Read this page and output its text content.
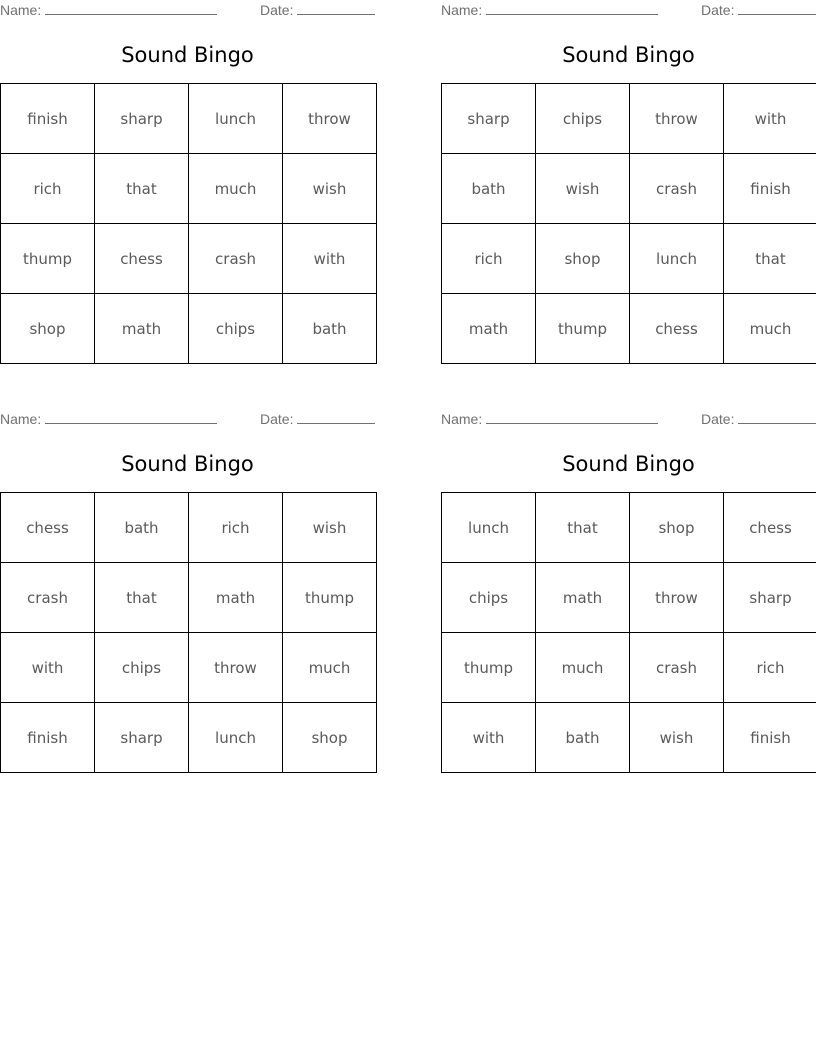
Name:	Date:
Sound Bingo
finish	sharp	lunch	throw
rich	that	much	wish
thump	chess	crash	with
shop	math	chips	bath
Name:	Date:
Sound Bingo
sharp	chips	throw	with
bath	wish	crash	finish
rich	shop	lunch	that
math	thump	chess	much
Name:	Date:
Sound Bingo
chess	bath	rich	wish
crash	that	math	thump
with	chips	throw	much
finish	sharp	lunch	shop
Name:	Date:
Sound Bingo
lunch	that	shop	chess
chips	math	throw	sharp
thump	much	crash	rich
with	bath	wish	finish
